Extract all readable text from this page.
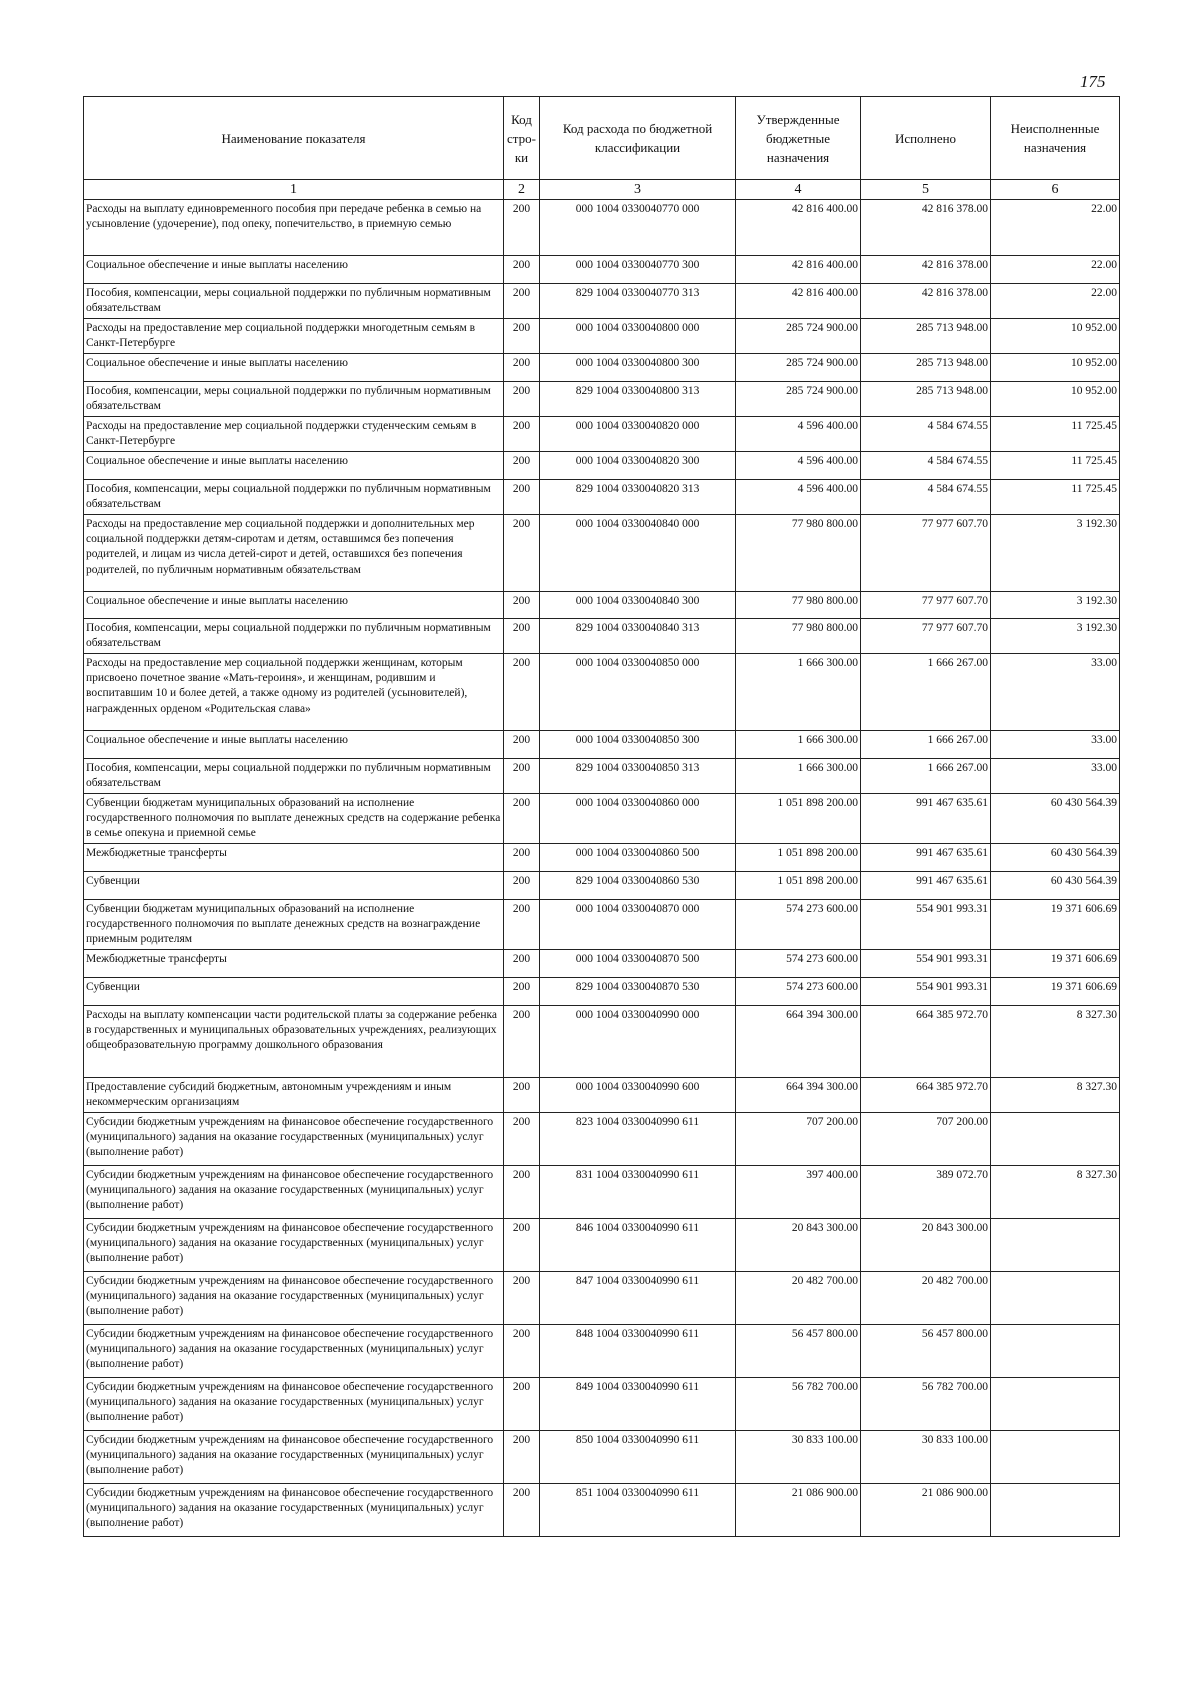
175
Наименование показателя	Код стро-ки	Код расхода по бюджетной классификации	Утвержденные бюджетные назначения	Исполнено	Неисполненные назначения
1	2	3	4	5	6
Расходы на выплату единовременного пособия при передаче ребенка в семью на усыновление (удочерение), под опеку, попечительство, в приемную семью	200	000 1004 0330040770 000	42 816 400.00	42 816 378.00	22.00
Социальное обеспечение и иные выплаты населению	200	000 1004 0330040770 300	42 816 400.00	42 816 378.00	22.00
Пособия, компенсации, меры социальной поддержки по публичным нормативным обязательствам	200	829 1004 0330040770 313	42 816 400.00	42 816 378.00	22.00
Расходы на предоставление мер социальной поддержки многодетным семьям в Санкт-Петербурге	200	000 1004 0330040800 000	285 724 900.00	285 713 948.00	10 952.00
Социальное обеспечение и иные выплаты населению	200	000 1004 0330040800 300	285 724 900.00	285 713 948.00	10 952.00
Пособия, компенсации, меры социальной поддержки по публичным нормативным обязательствам	200	829 1004 0330040800 313	285 724 900.00	285 713 948.00	10 952.00
Расходы на предоставление мер социальной поддержки студенческим семьям в Санкт-Петербурге	200	000 1004 0330040820 000	4 596 400.00	4 584 674.55	11 725.45
Социальное обеспечение и иные выплаты населению	200	000 1004 0330040820 300	4 596 400.00	4 584 674.55	11 725.45
Пособия, компенсации, меры социальной поддержки по публичным нормативным обязательствам	200	829 1004 0330040820 313	4 596 400.00	4 584 674.55	11 725.45
Расходы на предоставление мер социальной поддержки и дополнительных мер социальной поддержки детям-сиротам и детям, оставшимся без попечения родителей, и лицам из числа детей-сирот и детей, оставшихся без попечения родителей, по публичным нормативным обязательствам	200	000 1004 0330040840 000	77 980 800.00	77 977 607.70	3 192.30
Социальное обеспечение и иные выплаты населению	200	000 1004 0330040840 300	77 980 800.00	77 977 607.70	3 192.30
Пособия, компенсации, меры социальной поддержки по публичным нормативным обязательствам	200	829 1004 0330040840 313	77 980 800.00	77 977 607.70	3 192.30
Расходы на предоставление мер социальной поддержки женщинам, которым присвоено почетное звание «Мать-героиня», и женщинам, родившим и воспитавшим 10 и более детей, а также одному из родителей (усыновителей), награжденных орденом «Родительская слава»	200	000 1004 0330040850 000	1 666 300.00	1 666 267.00	33.00
Социальное обеспечение и иные выплаты населению	200	000 1004 0330040850 300	1 666 300.00	1 666 267.00	33.00
Пособия, компенсации, меры социальной поддержки по публичным нормативным обязательствам	200	829 1004 0330040850 313	1 666 300.00	1 666 267.00	33.00
Субвенции бюджетам муниципальных образований на исполнение государственного полномочия по выплате денежных средств на содержание ребенка в семье опекуна и приемной семье	200	000 1004 0330040860 000	1 051 898 200.00	991 467 635.61	60 430 564.39
Межбюджетные трансферты	200	000 1004 0330040860 500	1 051 898 200.00	991 467 635.61	60 430 564.39
Субвенции	200	829 1004 0330040860 530	1 051 898 200.00	991 467 635.61	60 430 564.39
Субвенции бюджетам муниципальных образований на исполнение государственного полномочия по выплате денежных средств на вознаграждение приемным родителям	200	000 1004 0330040870 000	574 273 600.00	554 901 993.31	19 371 606.69
Межбюджетные трансферты	200	000 1004 0330040870 500	574 273 600.00	554 901 993.31	19 371 606.69
Субвенции	200	829 1004 0330040870 530	574 273 600.00	554 901 993.31	19 371 606.69
Расходы на выплату компенсации части родительской платы за содержание ребенка в государственных и муниципальных образовательных учреждениях, реализующих общеобразовательную программу дошкольного образования	200	000 1004 0330040990 000	664 394 300.00	664 385 972.70	8 327.30
Предоставление субсидий бюджетным, автономным учреждениям и иным некоммерческим организациям	200	000 1004 0330040990 600	664 394 300.00	664 385 972.70	8 327.30
Субсидии бюджетным учреждениям на финансовое обеспечение государственного (муниципального) задания на оказание государственных (муниципальных) услуг (выполнение работ)	200	823 1004 0330040990 611	707 200.00	707 200.00	
Субсидии бюджетным учреждениям на финансовое обеспечение государственного (муниципального) задания на оказание государственных (муниципальных) услуг (выполнение работ)	200	831 1004 0330040990 611	397 400.00	389 072.70	8 327.30
Субсидии бюджетным учреждениям на финансовое обеспечение государственного (муниципального) задания на оказание государственных (муниципальных) услуг (выполнение работ)	200	846 1004 0330040990 611	20 843 300.00	20 843 300.00	
Субсидии бюджетным учреждениям на финансовое обеспечение государственного (муниципального) задания на оказание государственных (муниципальных) услуг (выполнение работ)	200	847 1004 0330040990 611	20 482 700.00	20 482 700.00	
Субсидии бюджетным учреждениям на финансовое обеспечение государственного (муниципального) задания на оказание государственных (муниципальных) услуг (выполнение работ)	200	848 1004 0330040990 611	56 457 800.00	56 457 800.00	
Субсидии бюджетным учреждениям на финансовое обеспечение государственного (муниципального) задания на оказание государственных (муниципальных) услуг (выполнение работ)	200	849 1004 0330040990 611	56 782 700.00	56 782 700.00	
Субсидии бюджетным учреждениям на финансовое обеспечение государственного (муниципального) задания на оказание государственных (муниципальных) услуг (выполнение работ)	200	850 1004 0330040990 611	30 833 100.00	30 833 100.00	
Субсидии бюджетным учреждениям на финансовое обеспечение государственного (муниципального) задания на оказание государственных (муниципальных) услуг (выполнение работ)	200	851 1004 0330040990 611	21 086 900.00	21 086 900.00	
